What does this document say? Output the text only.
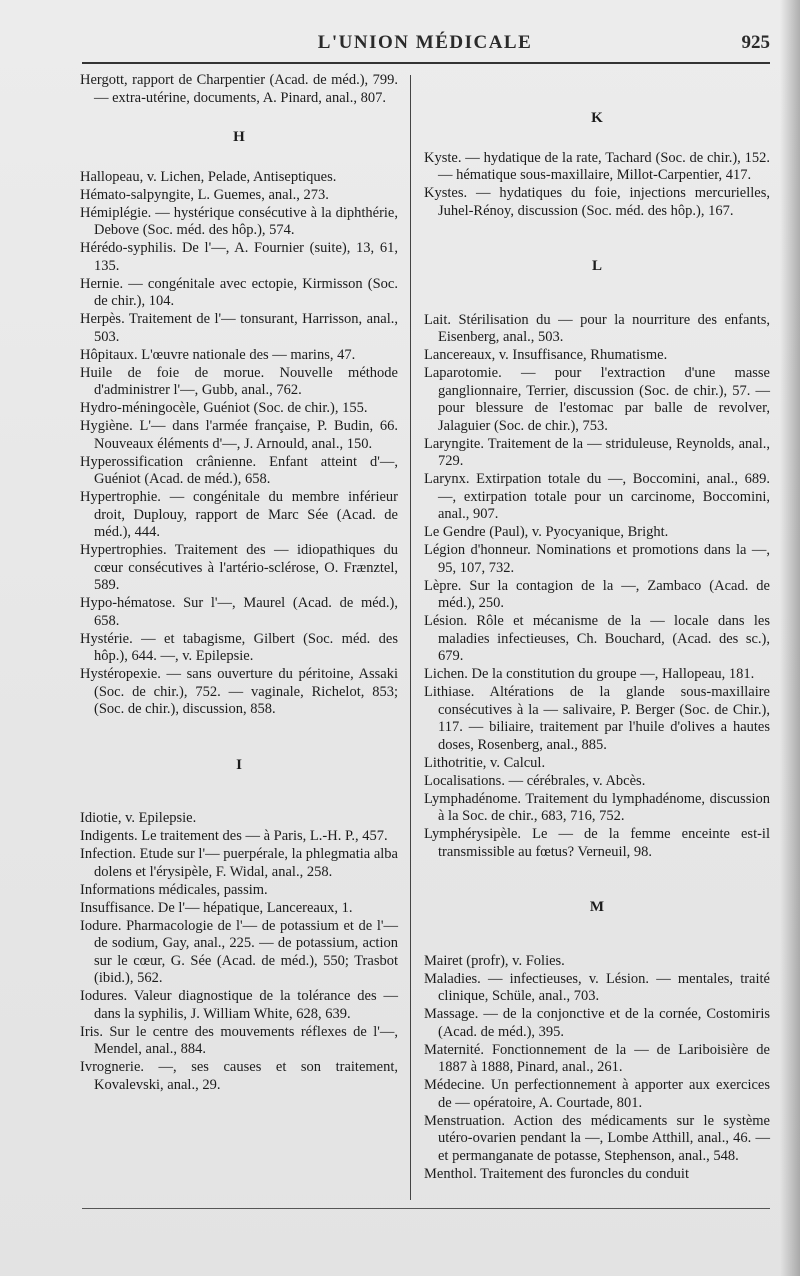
L'UNION MÉDICALE	925

Hergott, rapport de Charpentier (Acad. de méd.), 799. — extra-utérine, documents, A. Pinard, anal., 807.

H

Hallopeau, v. Lichen, Pelade, Antiseptiques.

Hémato-salpyngite, L. Guemes, anal., 273.

Hémiplégie. — hystérique consécutive à la diphthérie, Debove (Soc. méd. des hôp.), 574.

Hérédo-syphilis. De l'—, A. Fournier (suite), 13, 61, 135.

Hernie. — congénitale avec ectopie, Kirmisson (Soc. de chir.), 104.

Herpès. Traitement de l'— tonsurant, Harrisson, anal., 503.

Hôpitaux. L'œuvre nationale des — marins, 47.

Huile de foie de morue. Nouvelle méthode d'administrer l'—, Gubb, anal., 762.

Hydro-méningocèle, Guéniot (Soc. de chir.), 155.

Hygiène. L'— dans l'armée française, P. Budin, 66. Nouveaux éléments d'—, J. Arnould, anal., 150.

Hyperossification crânienne. Enfant atteint d'—, Guéniot (Acad. de méd.), 658.

Hypertrophie. — congénitale du membre inférieur droit, Duplouy, rapport de Marc Sée (Acad. de méd.), 444.

Hypertrophies. Traitement des — idiopathiques du cœur consécutives à l'artério-sclérose, O. Frænztel, 589.

Hypo-hématose. Sur l'—, Maurel (Acad. de méd.), 658.

Hystérie. — et tabagisme, Gilbert (Soc. méd. des hôp.), 644. —, v. Epilepsie.

Hystéropexie. — sans ouverture du péritoine, Assaki (Soc. de chir.), 752. — vaginale, Richelot, 853; (Soc. de chir.), discussion, 858.

I

Idiotie, v. Epilepsie.

Indigents. Le traitement des — à Paris, L.-H. P., 457.

Infection. Etude sur l'— puerpérale, la phlegmatia alba dolens et l'érysipèle, F. Widal, anal., 258.

Informations médicales, passim.

Insuffisance. De l'— hépatique, Lancereaux, 1.

Iodure. Pharmacologie de l'— de potassium et de l'— de sodium, Gay, anal., 225. — de potassium, action sur le cœur, G. Sée (Acad. de méd.), 550; Trasbot (ibid.), 562.

Iodures. Valeur diagnostique de la tolérance des — dans la syphilis, J. William White, 628, 639.

Iris. Sur le centre des mouvements réflexes de l'—, Mendel, anal., 884.

Ivrognerie. —, ses causes et son traitement, Kovalevski, anal., 29.

K

Kyste. — hydatique de la rate, Tachard (Soc. de chir.), 152. — hématique sous-maxillaire, Millot-Carpentier, 417.

Kystes. — hydatiques du foie, injections mercurielles, Juhel-Rénoy, discussion (Soc. méd. des hôp.), 167.

L

Lait. Stérilisation du — pour la nourriture des enfants, Eisenberg, anal., 503.

Lancereaux, v. Insuffisance, Rhumatisme.

Laparotomie. — pour l'extraction d'une masse ganglionnaire, Terrier, discussion (Soc. de chir.), 57. — pour blessure de l'estomac par balle de revolver, Jalaguier (Soc. de chir.), 753.

Laryngite. Traitement de la — striduleuse, Reynolds, anal., 729.

Larynx. Extirpation totale du —, Boccomini, anal., 689. —, extirpation totale pour un carcinome, Boccomini, anal., 907.

Le Gendre (Paul), v. Pyocyanique, Bright.

Légion d'honneur. Nominations et promotions dans la —, 95, 107, 732.

Lèpre. Sur la contagion de la —, Zambaco (Acad. de méd.), 250.

Lésion. Rôle et mécanisme de la — locale dans les maladies infectieuses, Ch. Bouchard, (Acad. des sc.), 679.

Lichen. De la constitution du groupe —, Hallopeau, 181.

Lithiase. Altérations de la glande sous-maxillaire consécutives à la — salivaire, P. Berger (Soc. de Chir.), 117. — biliaire, traitement par l'huile d'olives a hautes doses, Rosenberg, anal., 885.

Lithotritie, v. Calcul.

Localisations. — cérébrales, v. Abcès.

Lymphadénome. Traitement du lymphadénome, discussion à la Soc. de chir., 683, 716, 752.

Lymphérysipèle. Le — de la femme enceinte est-il transmissible au fœtus? Verneuil, 98.

M

Mairet (profr), v. Folies.

Maladies. — infectieuses, v. Lésion. — mentales, traité clinique, Schüle, anal., 703.

Massage. — de la conjonctive et de la cornée, Costomiris (Acad. de méd.), 395.

Maternité. Fonctionnement de la — de Lariboisière de 1887 à 1888, Pinard, anal., 261.

Médecine. Un perfectionnement à apporter aux exercices de — opératoire, A. Courtade, 801.

Menstruation. Action des médicaments sur le système utéro-ovarien pendant la —, Lombe Atthill, anal., 46. — et permanganate de potasse, Stephenson, anal., 548.

Menthol. Traitement des furoncles du conduit
